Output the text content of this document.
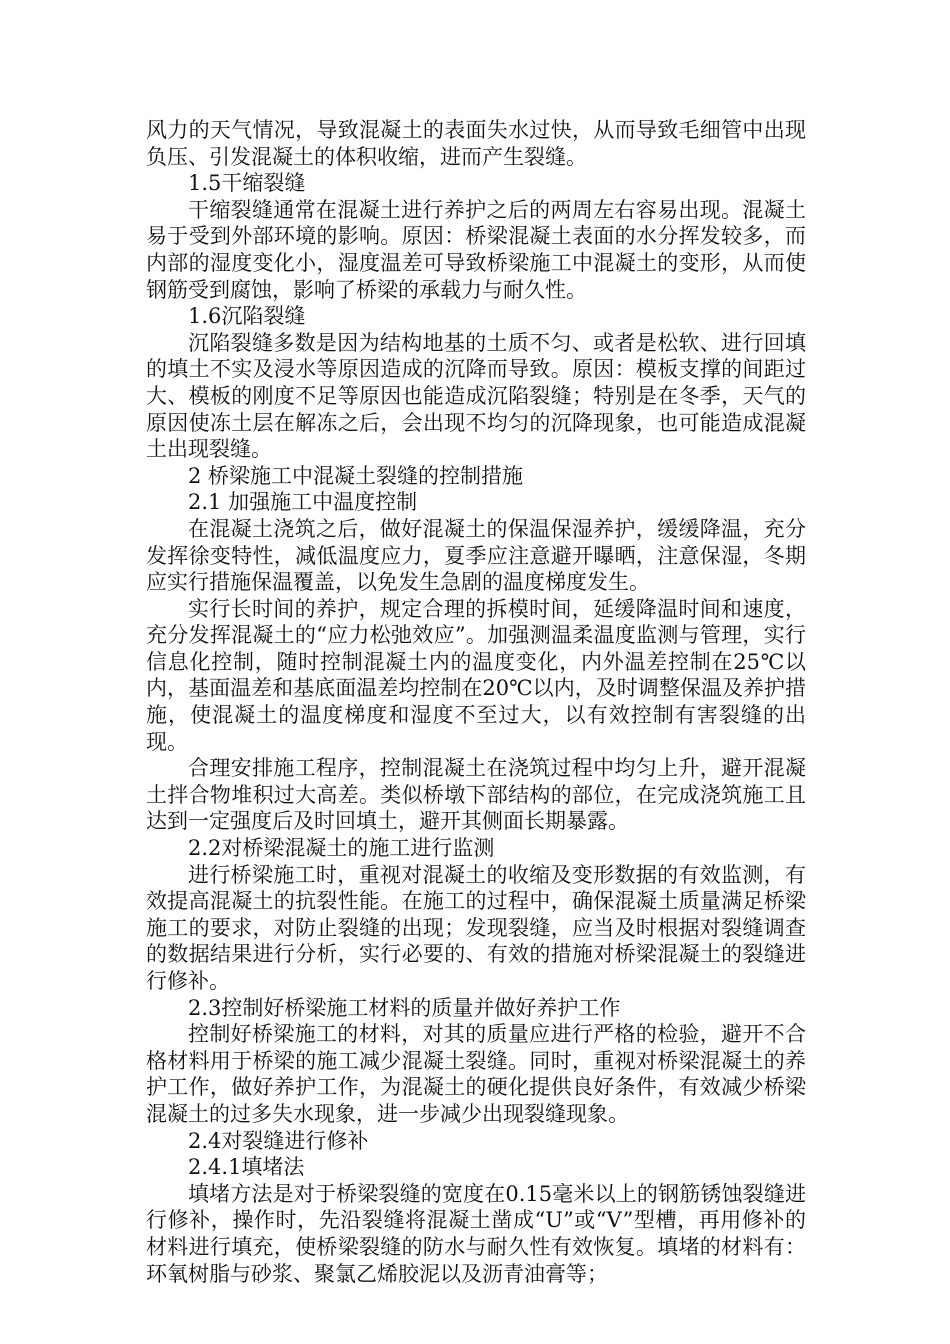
风力的天气情况，导致混凝土的表面失水过快，从而导致毛细管中出现负压、引发混凝土的体积收缩，进而产生裂缝。

1.5干缩裂缝

干缩裂缝通常在混凝土进行养护之后的两周左右容易出现。混凝土易于受到外部环境的影响。原因：桥梁混凝土表面的水分挥发较多，而内部的湿度变化小，湿度温差可导致桥梁施工中混凝土的变形，从而使钢筋受到腐蚀，影响了桥梁的承载力与耐久性。

1.6沉陷裂缝

沉陷裂缝多数是因为结构地基的土质不匀、或者是松软、进行回填的填土不实及浸水等原因造成的沉降而导致。原因：模板支撑的间距过大、模板的刚度不足等原因也能造成沉陷裂缝；特别是在冬季，天气的原因使冻土层在解冻之后，会出现不均匀的沉降现象，也可能造成混凝土出现裂缝。

2 桥梁施工中混凝土裂缝的控制措施

2.1 加强施工中温度控制

在混凝土浇筑之后，做好混凝土的保温保湿养护，缓缓降温，充分发挥徐变特性，减低温度应力，夏季应注意避开曝晒，注意保湿，冬期应实行措施保温覆盖，以免发生急剧的温度梯度发生。

实行长时间的养护，规定合理的拆模时间，延缓降温时间和速度，充分发挥混凝土的“应力松弛效应”。加强测温柔温度监测与管理，实行信息化控制，随时控制混凝土内的温度变化，内外温差控制在25℃以内，基面温差和基底面温差均控制在20℃以内，及时调整保温及养护措施，使混凝土的温度梯度和湿度不至过大，以有效控制有害裂缝的出现。

合理安排施工程序，控制混凝土在浇筑过程中均匀上升，避开混凝土拌合物堆积过大高差。类似桥墩下部结构的部位，在完成浇筑施工且达到一定强度后及时回填土，避开其侧面长期暴露。

2.2对桥梁混凝土的施工进行监测

进行桥梁施工时，重视对混凝土的收缩及变形数据的有效监测，有效提高混凝土的抗裂性能。在施工的过程中，确保混凝土质量满足桥梁施工的要求，对防止裂缝的出现；发现裂缝，应当及时根据对裂缝调查的数据结果进行分析，实行必要的、有效的措施对桥梁混凝土的裂缝进行修补。

2.3控制好桥梁施工材料的质量并做好养护工作

控制好桥梁施工的材料，对其的质量应进行严格的检验，避开不合格材料用于桥梁的施工减少混凝土裂缝。同时，重视对桥梁混凝土的养护工作，做好养护工作，为混凝土的硬化提供良好条件，有效减少桥梁混凝土的过多失水现象，进一步减少出现裂缝现象。

2.4对裂缝进行修补

2.4.1填堵法

填堵方法是对于桥梁裂缝的宽度在0.15毫米以上的钢筋锈蚀裂缝进行修补，操作时，先沿裂缝将混凝土凿成“U”或“V”型槽，再用修补的材料进行填充，使桥梁裂缝的防水与耐久性有效恢复。填堵的材料有：环氧树脂与砂浆、聚氯乙烯胶泥以及沥青油膏等；
